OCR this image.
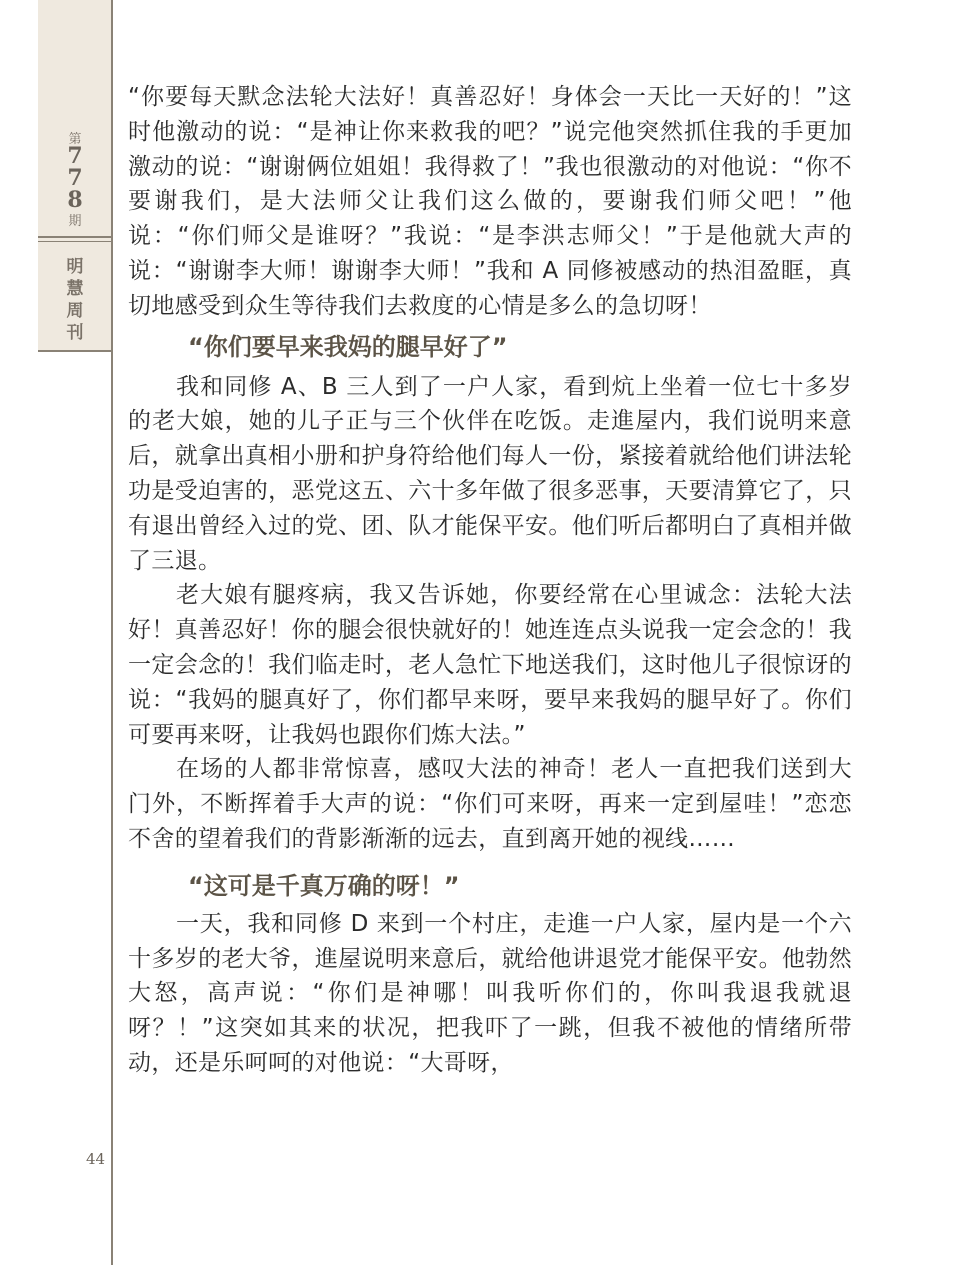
第
7
7
8
期
明
慧
周
刊
44

“你要每天默念法轮大法好！真善忍好！身体会一天比一天好的！”这时他激动的说：“是神让你来救我的吧？”说完他突然抓住我的手更加激动的说：“谢谢俩位姐姐！我得救了！”我也很激动的对他说：“你不要谢我们，是大法师父让我们这么做的，要谢我们师父吧！”他说：“你们师父是谁呀？”我说：“是李洪志师父！”于是他就大声的说：“谢谢李大师！谢谢李大师！”我和 A 同修被感动的热泪盈眶，真切地感受到众生等待我们去救度的心情是多么的急切呀！

“你们要早来我妈的腿早好了”

我和同修 A、B 三人到了一户人家，看到炕上坐着一位七十多岁的老大娘，她的儿子正与三个伙伴在吃饭。走進屋内，我们说明来意后，就拿出真相小册和护身符给他们每人一份，紧接着就给他们讲法轮功是受迫害的，恶党这五、六十多年做了很多恶事，天要清算它了，只有退出曾经入过的党、团、队才能保平安。他们听后都明白了真相并做了三退。

老大娘有腿疼病，我又告诉她，你要经常在心里诚念：法轮大法好！真善忍好！你的腿会很快就好的！她连连点头说我一定会念的！我一定会念的！我们临走时，老人急忙下地送我们，这时他儿子很惊讶的说：“我妈的腿真好了，你们都早来呀，要早来我妈的腿早好了。你们可要再来呀，让我妈也跟你们炼大法。”

在场的人都非常惊喜，感叹大法的神奇！老人一直把我们送到大门外，不断挥着手大声的说：“你们可来呀，再来一定到屋哇！”恋恋不舍的望着我们的背影渐渐的远去，直到离开她的视线……

“这可是千真万确的呀！”

一天，我和同修 D 来到一个村庄，走進一户人家，屋内是一个六十多岁的老大爷，進屋说明来意后，就给他讲退党才能保平安。他勃然大怒，高声说：“你们是神哪！叫我听你们的，你叫我退我就退呀？！”这突如其来的状况，把我吓了一跳，但我不被他的情绪所带动，还是乐呵呵的对他说：“大哥呀，
